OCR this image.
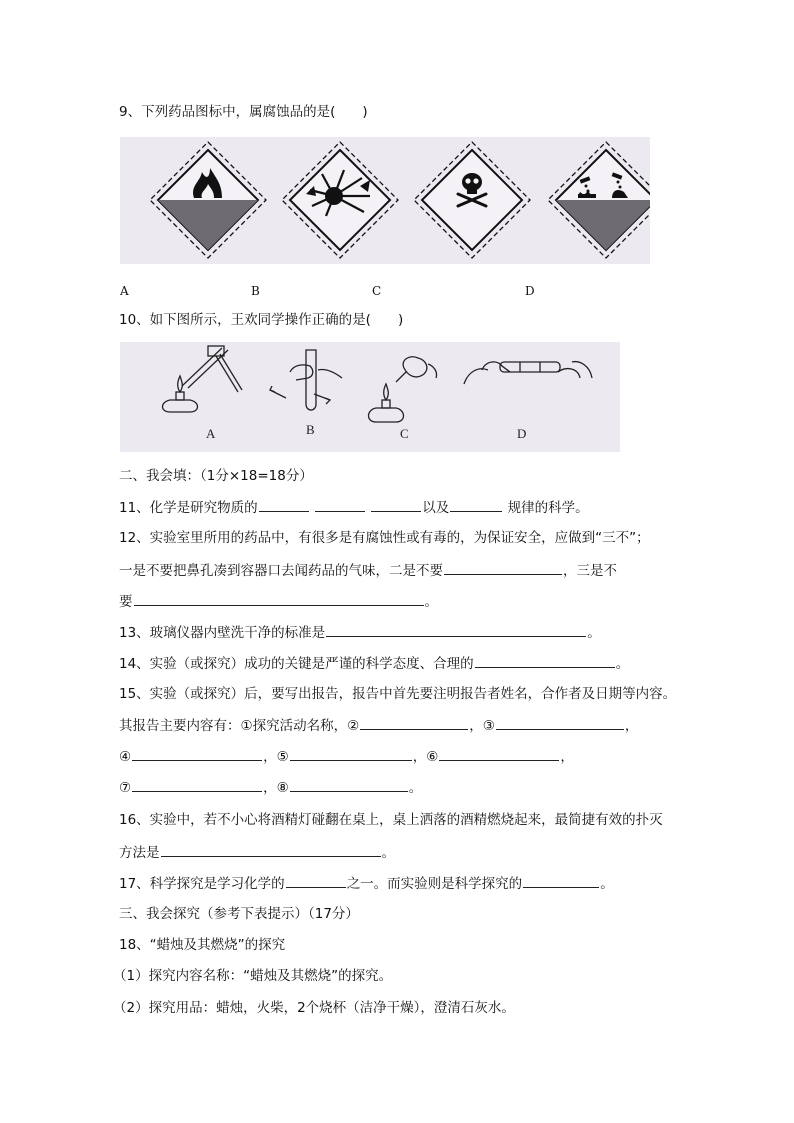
9、下列药品图标中，属腐蚀品的是(　　)
A	B	C	D
10、如下图所示，王欢同学操作正确的是(　　)
A	B	C	D
二、我会填：（1分×18=18分）
11、化学是研究物质的	以及	规律的科学。
12、实验室里所用的药品中，有很多是有腐蚀性或有毒的，为保证安全，应做到“三不”；
一是不要把鼻孔凑到容器口去闻药品的气味，二是不要	，三是不
要	。
13、玻璃仪器内壁洗干净的标准是	。
14、实验（或探究）成功的关键是严谨的科学态度、合理的	。
15、实验（或探究）后，要写出报告，报告中首先要注明报告者姓名，合作者及日期等内容。
其报告主要内容有：①探究活动名称，②	，③	，
④	，⑤	，⑥	，
⑦	，⑧	。
16、实验中，若不小心将酒精灯碰翻在桌上，桌上洒落的酒精燃烧起来，最简捷有效的扑灭
方法是	。
17、科学探究是学习化学的	之一。而实验则是科学探究的	。
三、我会探究（参考下表提示）（17分）
18、“蜡烛及其燃烧”的探究
（1）探究内容名称：“蜡烛及其燃烧”的探究。
（2）探究用品：蜡烛，火柴，2个烧杯（洁净干燥），澄清石灰水。
